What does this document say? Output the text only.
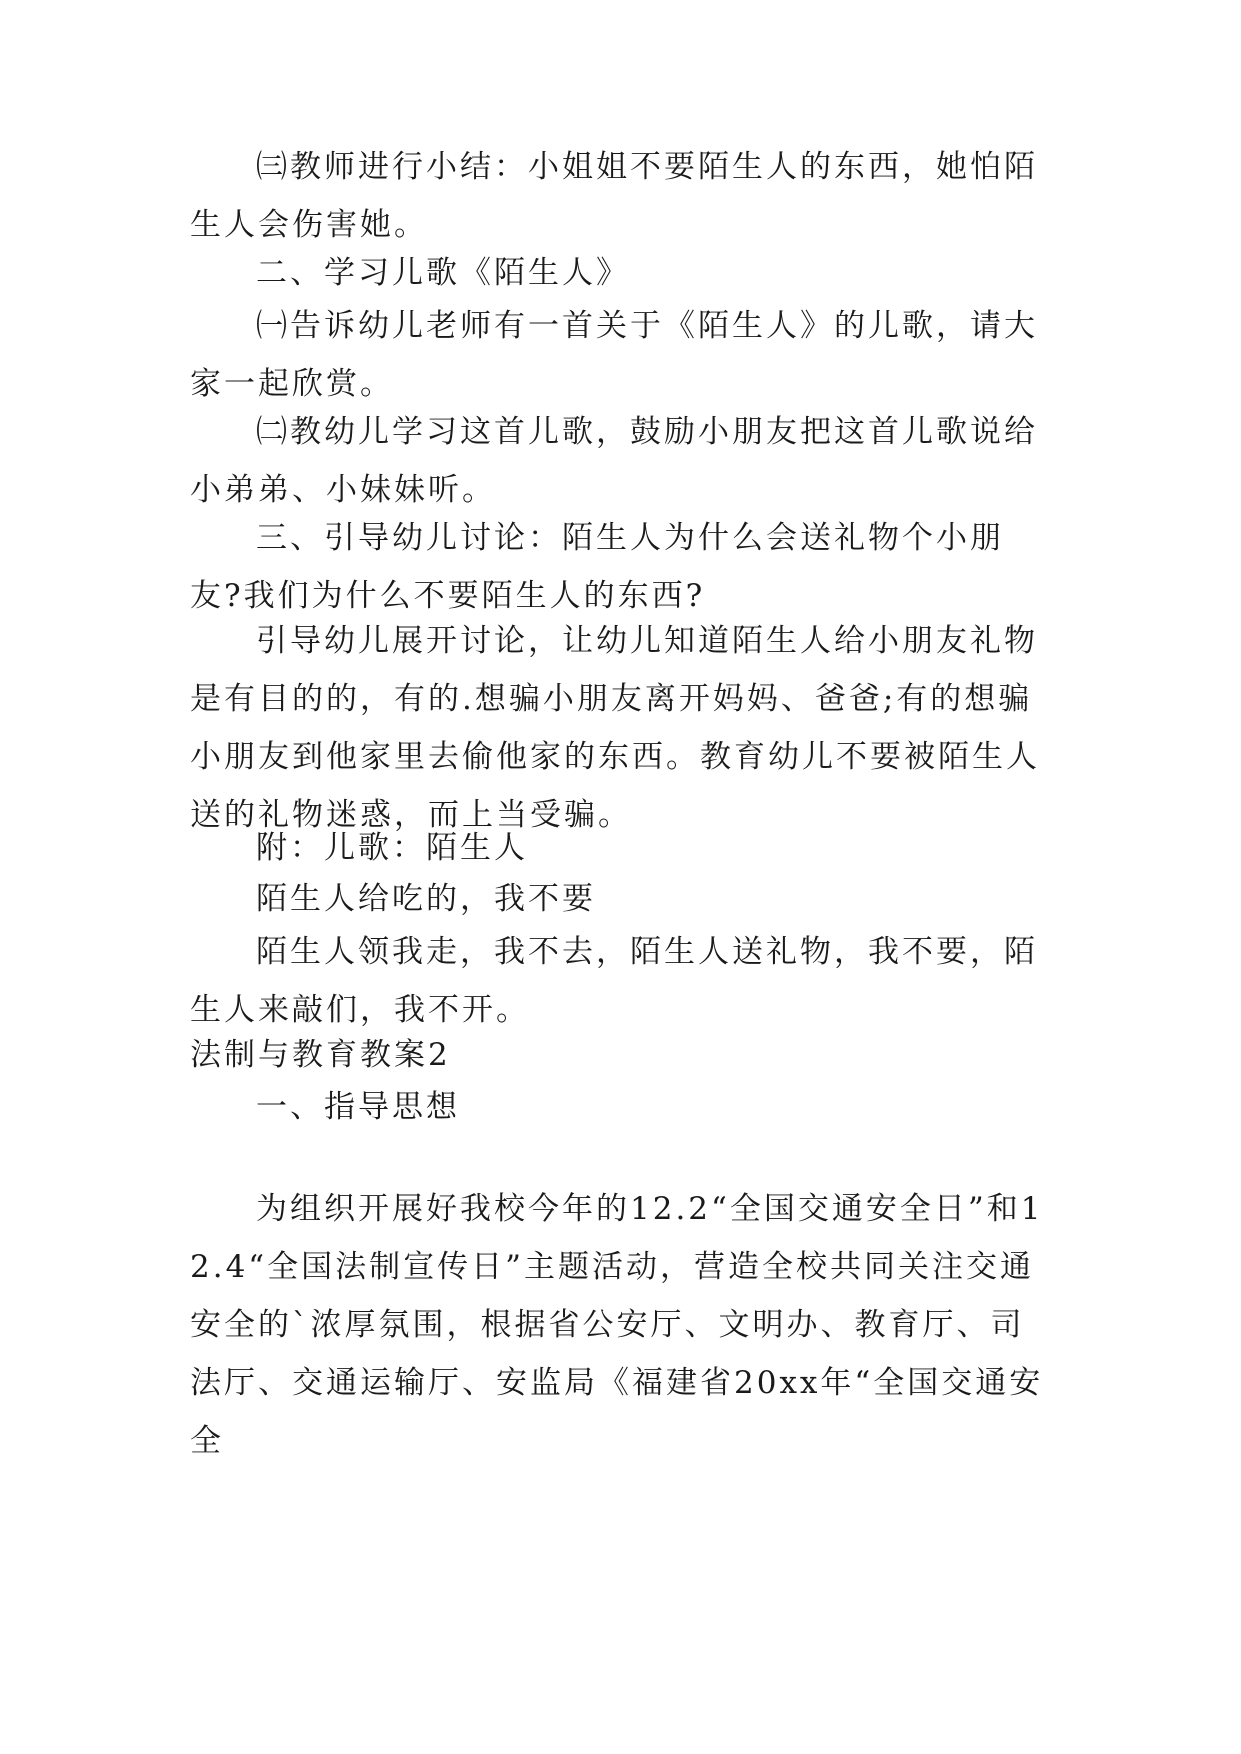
㈢教师进行小结：小姐姐不要陌生人的东西，她怕陌生人会伤害她。

二、学习儿歌《陌生人》

㈠告诉幼儿老师有一首关于《陌生人》的儿歌，请大家一起欣赏。

㈡教幼儿学习这首儿歌，鼓励小朋友把这首儿歌说给小弟弟、小妹妹听。

三、引导幼儿讨论：陌生人为什么会送礼物个小朋友?我们为什么不要陌生人的东西?

引导幼儿展开讨论，让幼儿知道陌生人给小朋友礼物是有目的的，有的.想骗小朋友离开妈妈、爸爸;有的想骗小朋友到他家里去偷他家的东西。教育幼儿不要被陌生人送的礼物迷惑，而上当受骗。

附：儿歌：陌生人

陌生人给吃的，我不要

陌生人领我走，我不去，陌生人送礼物，我不要，陌生人来敲们，我不开。

法制与教育教案2

一、指导思想

为组织开展好我校今年的12.2“全国交通安全日”和12.4“全国法制宣传日”主题活动，营造全校共同关注交通安全的`浓厚氛围，根据省公安厅、文明办、教育厅、司法厅、交通运输厅、安监局《福建省20xx年“全国交通安全
